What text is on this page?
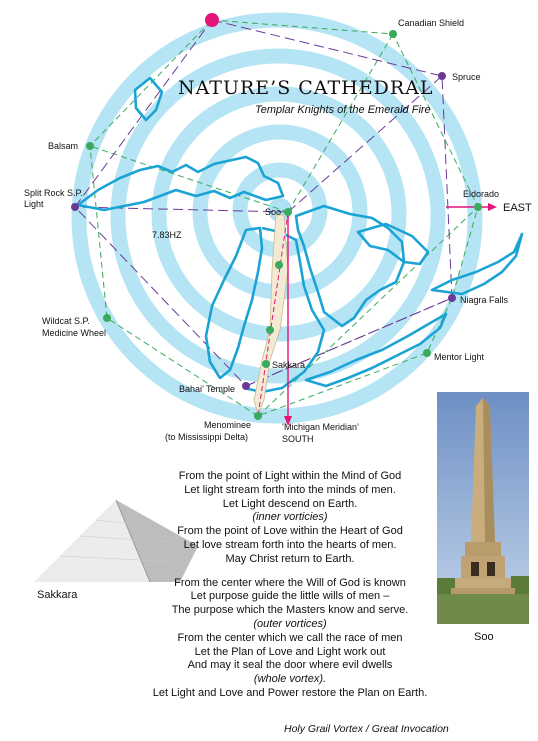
NATURE’S CATHEDRAL
Templar Knights of the Emerald Fire
Canadian Shield
Spruce
Balsam
Split Rock S.P.
Light
Eldorado
EAST
Soo
7.83HZ
Wildcat S.P.
Medicine Wheel
Niagra Falls
Sakkara
Mentor Light
Bahai’ Temple
Menominee
(to Mississippi Delta)
‘Michigan Meridian’
SOUTH
Sakkara
Soo
From the point of Light within the Mind of God
Let light stream forth into the minds of men.
Let Light descend on Earth.
(inner vorticies)
From the point of Love within the Heart of God
Let love stream forth into the hearts of men.
May Christ return to Earth.
From the center where the Will of God is known
Let purpose guide the little wills of men –
The purpose which the Masters know and serve.
(outer vortices)
From the center which we call the race of men
Let the Plan of Love and Light work out
And may it seal the door where evil dwells
(whole vortex).
Let Light and Love and Power restore the Plan on Earth.
Holy Grail Vortex / Great Invocation
